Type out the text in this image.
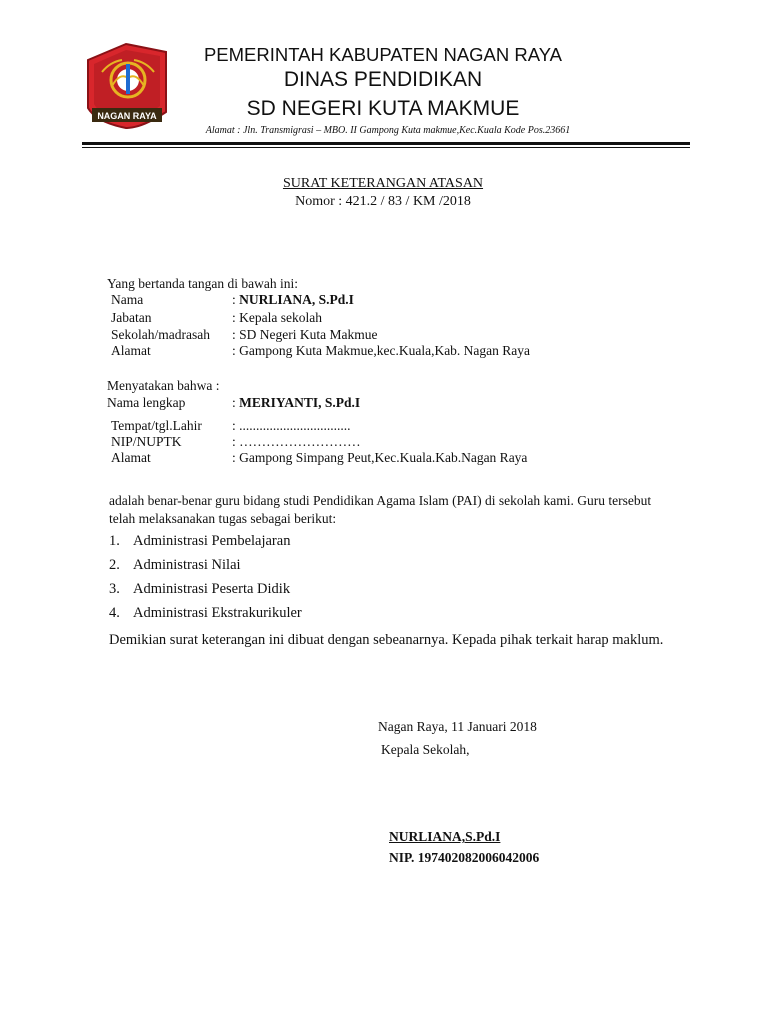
NAGAN RAYA
PEMERINTAH KABUPATEN NAGAN RAYA
DINAS PENDIDIKAN
SD NEGERI KUTA MAKMUE
Alamat : Jln. Transmigrasi – MBO. II Gampong Kuta makmue,Kec.Kuala Kode Pos.23661
SURAT KETERANGAN ATASAN
Nomor : 421.2 / 83 / KM /2018
Yang bertanda tangan di bawah ini:
Nama	: NURLIANA, S.Pd.I
Jabatan	: Kepala sekolah
Sekolah/madrasah : SD Negeri Kuta Makmue
Alamat	: Gampong Kuta Makmue,kec.Kuala,Kab. Nagan Raya
Menyatakan bahwa :
Nama lengkap	: MERIYANTI, S.Pd.I
Tempat/tgl.Lahir : .................................
NIP/NUPTK	: ………………………
Alamat	: Gampong Simpang Peut,Kec.Kuala.Kab.Nagan Raya
adalah benar-benar guru bidang studi Pendidikan Agama Islam (PAI) di sekolah kami. Guru tersebut telah melaksanakan tugas sebagai berikut:
1. Administrasi Pembelajaran
2. Administrasi Nilai
3. Administrasi Peserta Didik
4. Administrasi Ekstrakurikuler
Demikian surat keterangan ini dibuat dengan sebeanarnya. Kepada pihak terkait harap maklum.
Nagan Raya, 11 Januari 2018
Kepala Sekolah,
NURLIANA,S.Pd.I
NIP. 197402082006042006
